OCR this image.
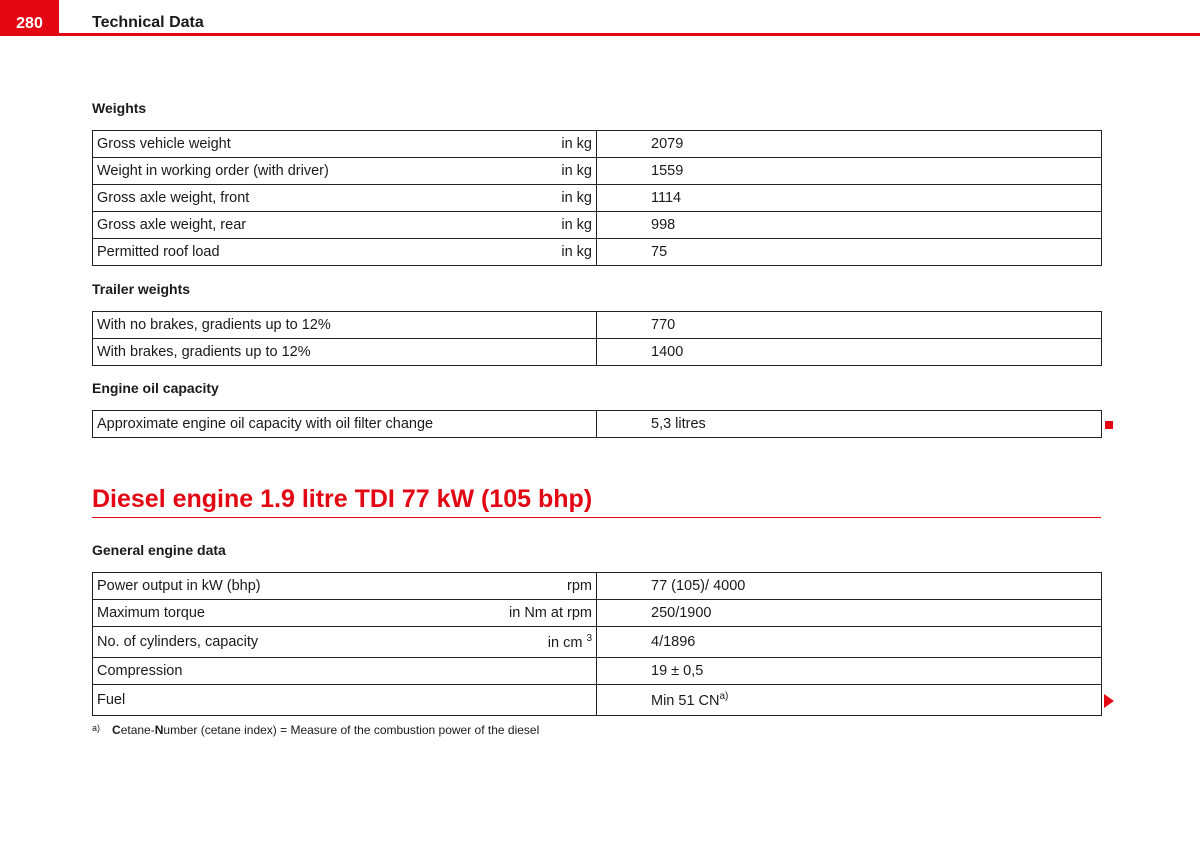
280	Technical Data
Weights
Gross vehicle weight	in kg	2079
Weight in working order (with driver)	in kg	1559
Gross axle weight, front	in kg	1114
Gross axle weight, rear	in kg	998
Permitted roof load	in kg	75
Trailer weights
With no brakes, gradients up to 12%	770
With brakes, gradients up to 12%	1400
Engine oil capacity
Approximate engine oil capacity with oil filter change	5,3 litres
Diesel engine 1.9 litre TDI 77 kW (105 bhp)
General engine data
Power output in kW (bhp)	rpm	77 (105)/ 4000
Maximum torque	in Nm at rpm	250/1900
No. of cylinders, capacity	in cm $^3$	4/1896
Compression		19 ± 0,5
Fuel		Min 51 CN$^{a)}$
$^{a)}$ Cetane-Number (cetane index) = Measure of the combustion power of the diesel
